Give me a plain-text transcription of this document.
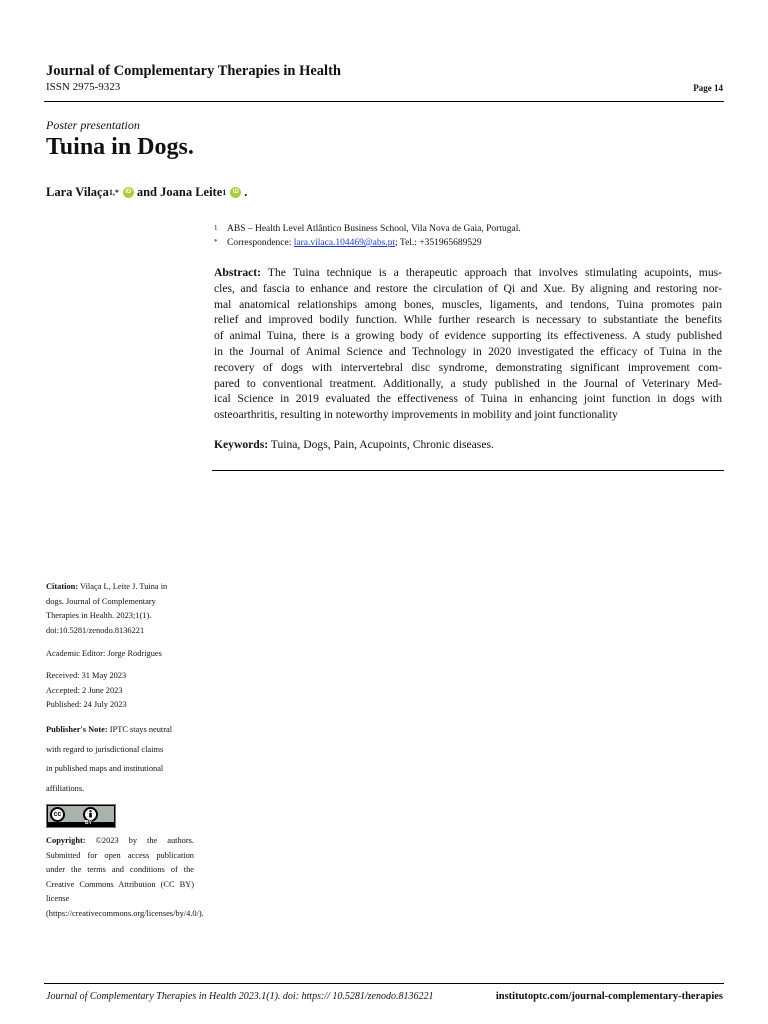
Journal of Complementary Therapies in Health
ISSN 2975-9323	Page 14
Poster presentation
Tuina in Dogs.
Lara Vilaça 1,*	iD and
Joana Leite 1	iD .
1	ABS – Health Level Atlântico Business School, Vila Nova de Gaia, Portugal.
*	Correspondence:
lara.vilaca.104469@abs.pt ; Tel.: +351965689529
Abstract: The Tuina technique is a therapeutic approach that involves stimulating acupoints, mus-
cles, and fascia to enhance and restore the circulation of Qi and Xue. By aligning and restoring nor-
mal anatomical relationships among bones, muscles, ligaments, and tendons, Tuina promotes pain
relief and improved bodily function. While further research is necessary to substantiate the benefits
of animal Tuina, there is a growing body of evidence supporting its effectiveness. A study published
in the Journal of Animal Science and Technology in 2020 investigated the efficacy of Tuina in the
recovery of dogs with intervertebral disc syndrome, demonstrating significant improvement com-
pared to conventional treatment. Additionally, a study published in the Journal of Veterinary Med-
ical Science in 2019 evaluated the effectiveness of Tuina in enhancing joint function in dogs with
osteoarthritis, resulting in noteworthy improvements in mobility and joint functionality
Keywords: Tuina, Dogs, Pain, Acupoints, Chronic diseases.
Citation: Vilaça L, Leite J. Tuina in
dogs. Journal of Complementary
Therapies in Health. 2023;1(1).
doi:10.5281/zenodo.8136221
Academic Editor: Jorge Rodrigues
Received: 31 May 2023
Accepted: 2 June 2023
Published: 24 July 2023
Publisher's Note: IPTC stays neutral
with regard to jurisdictional claims
in published maps and institutional
affiliations.
cc
BY
Copyright: ©2023 by the authors. Submitted for open access publication under the terms and conditions of the Creative Commons Attribution (CC BY) license (https://creativecommons.org/licenses/by/4.0/).
Journal of Complementary Therapies in Health 2023.1(1). doi: https:// 10.5281/zenodo.8136221	institutoptc.com/journal-complementary-therapies
